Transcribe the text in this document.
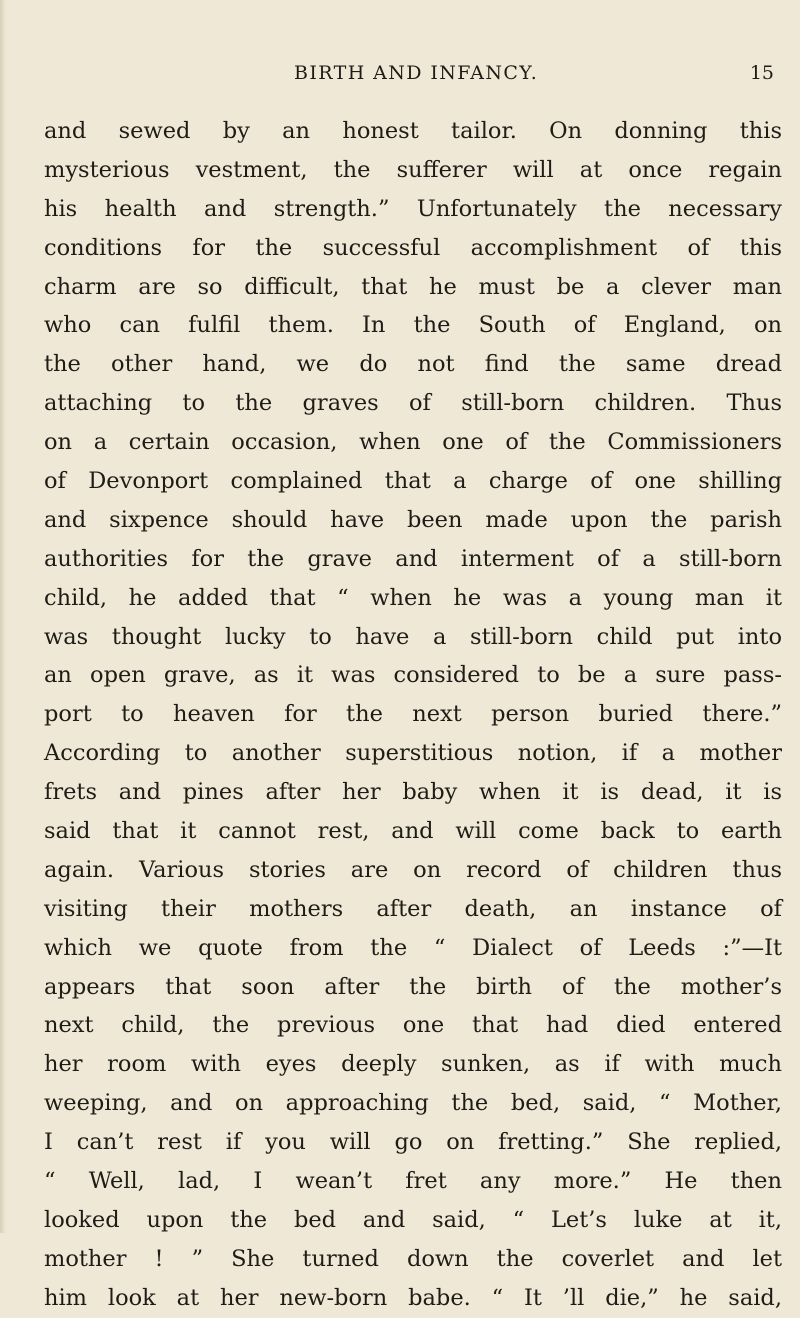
BIRTH AND INFANCY.	15
and sewed by an honest tailor. On donning this
mysterious vestment, the sufferer will at once regain
his health and strength.” Unfortunately the necessary
conditions for the successful accomplishment of this
charm are so difficult, that he must be a clever man
who can fulfil them. In the South of England, on
the other hand, we do not find the same dread
attaching to the graves of still-born children. Thus
on a certain occasion, when one of the Commissioners
of Devonport complained that a charge of one shilling
and sixpence should have been made upon the parish
authorities for the grave and interment of a still-born
child, he added that “ when he was a young man it
was thought lucky to have a still-born child put into
an open grave, as it was considered to be a sure pass-
port to heaven for the next person buried there.”
According to another superstitious notion, if a mother
frets and pines after her baby when it is dead, it is
said that it cannot rest, and will come back to earth
again. Various stories are on record of children thus
visiting their mothers after death, an instance of
which we quote from the “ Dialect of Leeds :”—It
appears that soon after the birth of the mother’s
next child, the previous one that had died entered
her room with eyes deeply sunken, as if with much
weeping, and on approaching the bed, said, “ Mother,
I can’t rest if you will go on fretting.” She replied,
“ Well, lad, I wean’t fret any more.” He then
looked upon the bed and said, “ Let’s luke at it,
mother ! ” She turned down the coverlet and let
him look at her new-born babe. “ It ’ll die,” he said,
